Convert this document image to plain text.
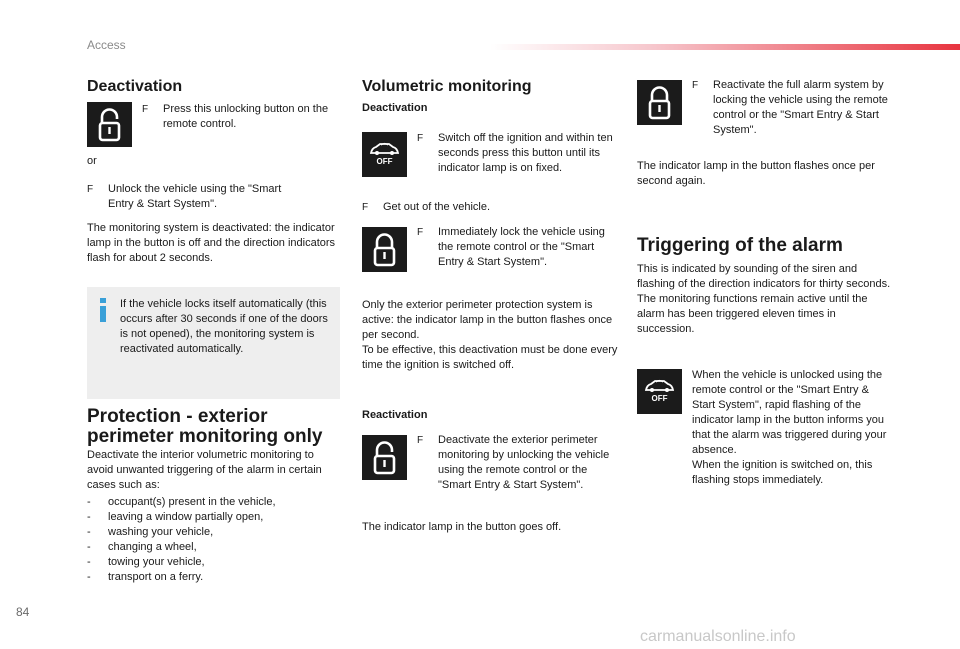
Access
Deactivation
F Press this unlocking button on the remote control.
or
F Unlock the vehicle using the "Smart Entry & Start System".
The monitoring system is deactivated: the indicator lamp in the button is off and the direction indicators flash for about 2 seconds.
If the vehicle locks itself automatically (this occurs after 30 seconds if one of the doors is not opened), the monitoring system is reactivated automatically.
Protection - exterior
perimeter monitoring only
Deactivate the interior volumetric monitoring to avoid unwanted triggering of the alarm in certain cases such as:
- occupant(s) present in the vehicle,
- leaving a window partially open,
- washing your vehicle,
- changing a wheel,
- towing your vehicle,
- transport on a ferry.
Volumetric monitoring
Deactivation
OFF
F Switch off the ignition and within ten seconds press this button until its indicator lamp is on fixed.
F Get out of the vehicle.
F Immediately lock the vehicle using the remote control or the "Smart Entry & Start System".
Only the exterior perimeter protection system is active: the indicator lamp in the button flashes once per second.
To be effective, this deactivation must be done every time the ignition is switched off.
Reactivation
F Deactivate the exterior perimeter monitoring by unlocking the vehicle using the remote control or the "Smart Entry & Start System".
The indicator lamp in the button goes off.
F Reactivate the full alarm system by locking the vehicle using the remote control or the "Smart Entry & Start System".
The indicator lamp in the button flashes once per second again.
Triggering of the alarm
This is indicated by sounding of the siren and flashing of the direction indicators for thirty seconds.
The monitoring functions remain active until the alarm has been triggered eleven times in succession.
OFF
When the vehicle is unlocked using the remote control or the "Smart Entry & Start System", rapid flashing of the indicator lamp in the button informs you that the alarm was triggered during your absence.
When the ignition is switched on, this flashing stops immediately.
84
carmanualsonline.info
